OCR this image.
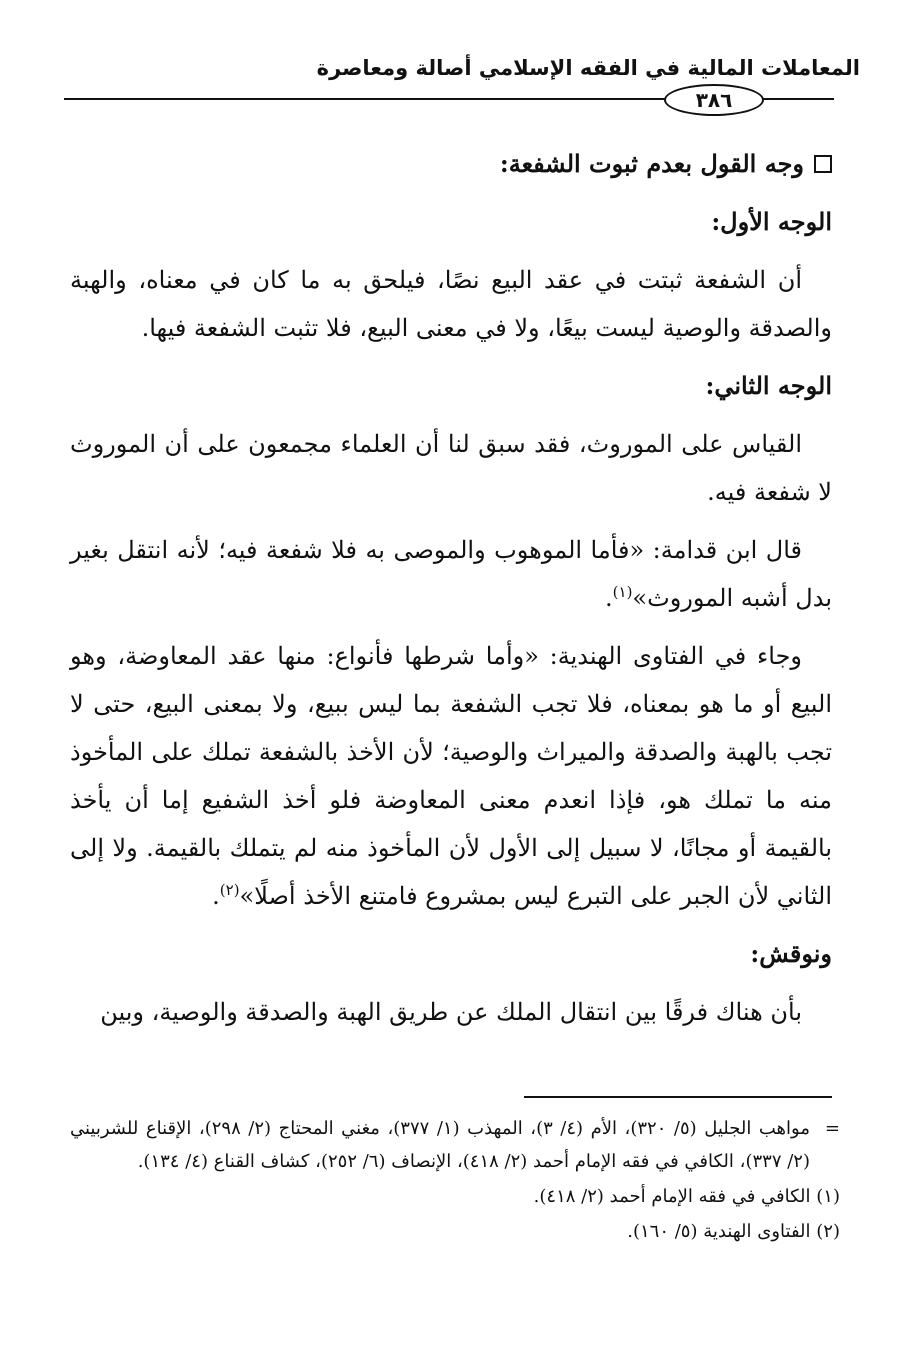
المعاملات المالية في الفقه الإسلامي أصالة ومعاصرة
٣٨٦

وجه القول بعدم ثبوت الشفعة:

الوجه الأول:

أن الشفعة ثبتت في عقد البيع نصًا، فيلحق به ما كان في معناه، والهبة والصدقة والوصية ليست بيعًا، ولا في معنى البيع، فلا تثبت الشفعة فيها.

الوجه الثاني:

القياس على الموروث، فقد سبق لنا أن العلماء مجمعون على أن الموروث لا شفعة فيه.

قال ابن قدامة: «فأما الموهوب والموصى به فلا شفعة فيه؛ لأنه انتقل بغير بدل أشبه الموروث»$^{(١)}$.

وجاء في الفتاوى الهندية: «وأما شرطها فأنواع: منها عقد المعاوضة، وهو البيع أو ما هو بمعناه، فلا تجب الشفعة بما ليس ببيع، ولا بمعنى البيع، حتى لا تجب بالهبة والصدقة والميراث والوصية؛ لأن الأخذ بالشفعة تملك على المأخوذ منه ما تملك هو، فإذا انعدم معنى المعاوضة فلو أخذ الشفيع إما أن يأخذ بالقيمة أو مجانًا، لا سبيل إلى الأول لأن المأخوذ منه لم يتملك بالقيمة. ولا إلى الثاني لأن الجبر على التبرع ليس بمشروع فامتنع الأخذ أصلًا»$^{(٢)}$.

ونوقش:

بأن هناك فرقًا بين انتقال الملك عن طريق الهبة والصدقة والوصية، وبين

=
مواهب الجليل (٥/ ٣٢٠)، الأم (٤/ ٣)، المهذب (١/ ٣٧٧)، مغني المحتاج (٢/ ٢٩٨)، الإقناع للشربيني (٢/ ٣٣٧)، الكافي في فقه الإمام أحمد (٢/ ٤١٨)، الإنصاف (٦/ ٢٥٢)، كشاف القناع (٤/ ١٣٤).

(١) الكافي في فقه الإمام أحمد (٢/ ٤١٨).

(٢) الفتاوى الهندية (٥/ ١٦٠).
